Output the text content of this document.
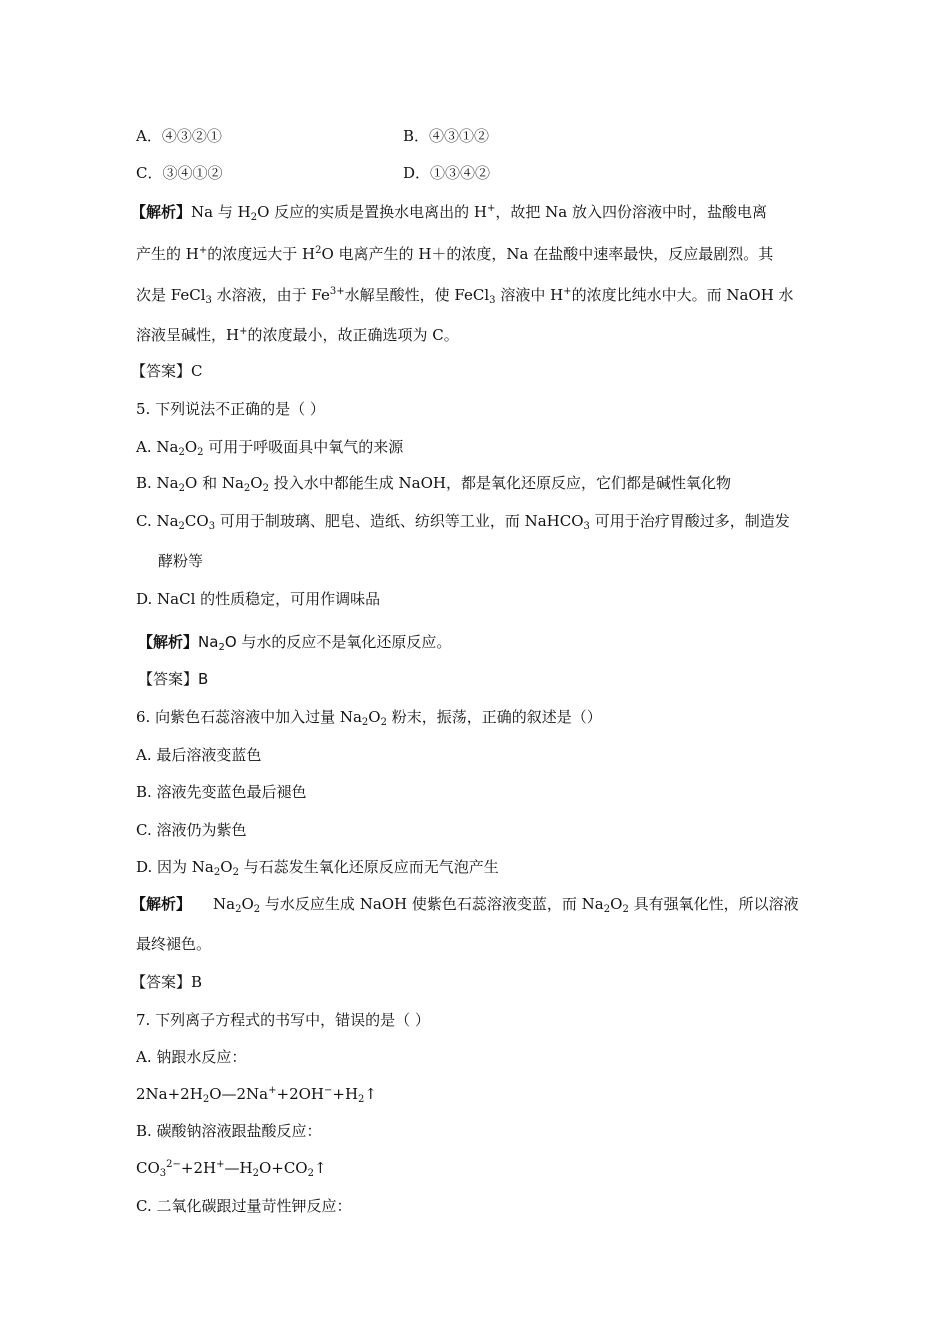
A．④③②①	B．④③①②
C．③④①②	D．①③④②
【解析】Na 与 $H_2O$ 反应的实质是置换水电离出的 H+，故把 Na 放入四份溶液中时，盐酸电离
产生的 H+的浓度远大于 $H^2O$ 电离产生的 H＋的浓度，Na 在盐酸中速率最快，反应最剧烈。其
次是 FeCl$_3$ 水溶液，由于 $Fe^{3+}$水解呈酸性，使 FeCl$_3$ 溶液中 H+的浓度比纯水中大。而 NaOH 水
溶液呈碱性，H+的浓度最小，故正确选项为 C。
【答案】C
5. 下列说法不正确的是（ ）
A. $Na_2O_2$ 可用于呼吸面具中氧气的来源
B. $Na_2O$ 和 $Na_2O_2$ 投入水中都能生成 NaOH，都是氧化还原反应，它们都是碱性氧化物
C. $Na_2CO_3$ 可用于制玻璃、肥皂、造纸、纺织等工业，而 NaHCO$_3$ 可用于治疗胃酸过多，制造发
酵粉等
D. NaCl 的性质稳定，可用作调味品
【解析】$Na_2O$ 与水的反应不是氧化还原反应。
【答案】B
6. 向紫色石蕊溶液中加入过量 $Na_2O_2$ 粉末，振荡，正确的叙述是（）
A. 最后溶液变蓝色
B. 溶液先变蓝色最后褪色
C. 溶液仍为紫色
D. 因为 $Na_2O_2$ 与石蕊发生氧化还原反应而无气泡产生
【解析】 $Na_2O_2$ 与水反应生成 NaOH 使紫色石蕊溶液变蓝，而 $Na_2O_2$ 具有强氧化性，所以溶液
最终褪色。
【答案】B
7. 下列离子方程式的书写中，错误的是（ ）
A. 钠跟水反应：
$2Na+2H_2O—2Na^++2OH^-+H_2↑$
B. 碳酸钠溶液跟盐酸反应：
$CO_3^{2-}+2H^+—H_2O+CO_2↑$
C. 二氧化碳跟过量苛性钾反应：
